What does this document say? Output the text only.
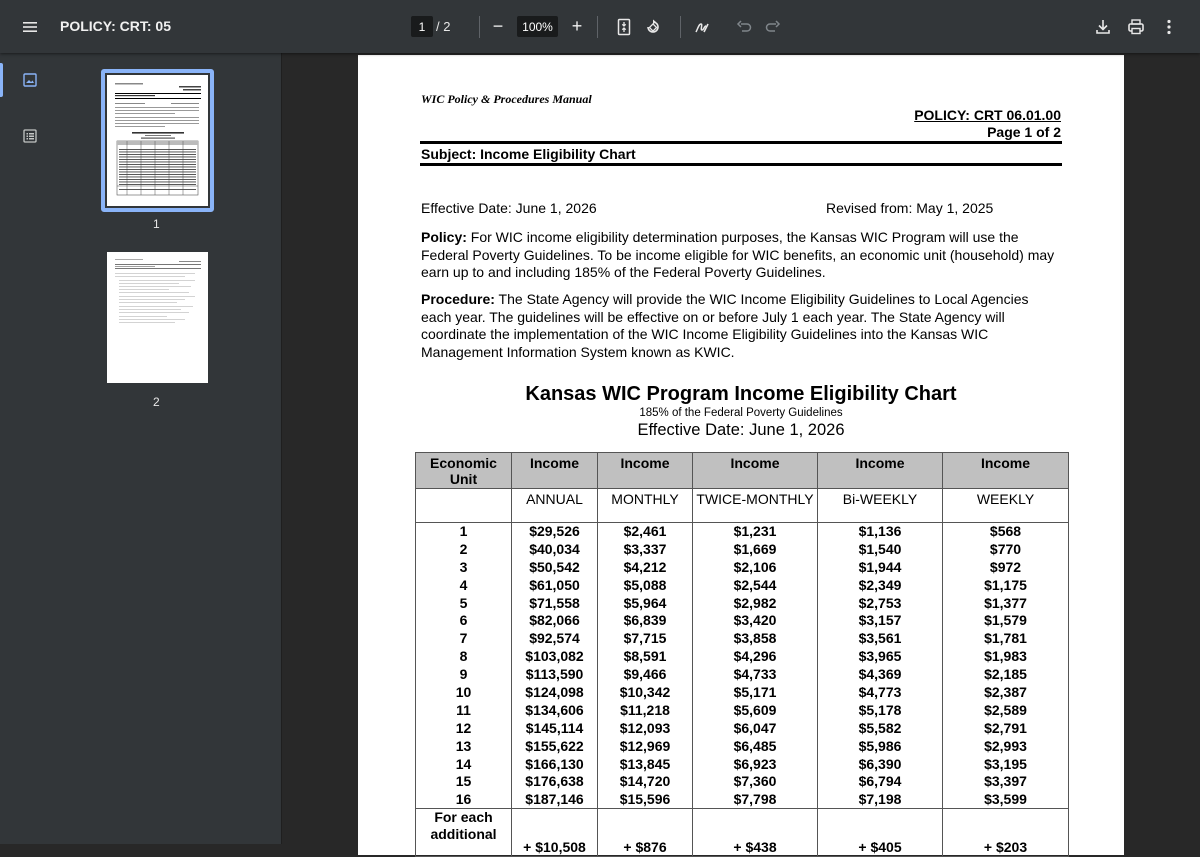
POLICY: CRT: 05	1 / 2 −	100% +
1
2
WIC Policy & Procedures Manual
POLICY: CRT 06.01.00
Page 1 of 2
Subject: Income Eligibility Chart
Effective Date: June 1, 2026	Revised from: May 1, 2025
Policy: For WIC income eligibility determination purposes, the Kansas WIC Program will use the Federal Poverty Guidelines. To be income eligible for WIC benefits, an economic unit (household) may earn up to and including 185% of the Federal Poverty Guidelines.
Procedure: The State Agency will provide the WIC Income Eligibility Guidelines to Local Agencies each year. The guidelines will be effective on or before July 1 each year. The State Agency will coordinate the implementation of the WIC Income Eligibility Guidelines into the Kansas WIC Management Information System known as KWIC.
Kansas WIC Program Income Eligibility Chart
185% of the Federal Poverty Guidelines
Effective Date: June 1, 2026
Economic Unit	Income	Income	Income	Income	Income
	ANNUAL	MONTHLY	TWICE-MONTHLY	Bi-WEEKLY	WEEKLY
1	$29,526	$2,461	$1,231	$1,136	$568
2	$40,034	$3,337	$1,669	$1,540	$770
3	$50,542	$4,212	$2,106	$1,944	$972
4	$61,050	$5,088	$2,544	$2,349	$1,175
5	$71,558	$5,964	$2,982	$2,753	$1,377
6	$82,066	$6,839	$3,420	$3,157	$1,579
7	$92,574	$7,715	$3,858	$3,561	$1,781
8	$103,082	$8,591	$4,296	$3,965	$1,983
9	$113,590	$9,466	$4,733	$4,369	$2,185
10	$124,098	$10,342	$5,171	$4,773	$2,387
11	$134,606	$11,218	$5,609	$5,178	$2,589
12	$145,114	$12,093	$6,047	$5,582	$2,791
13	$155,622	$12,969	$6,485	$5,986	$2,993
14	$166,130	$13,845	$6,923	$6,390	$3,195
15	$176,638	$14,720	$7,360	$6,794	$3,397
16	$187,146	$15,596	$7,798	$7,198	$3,599
For each additional	+ $10,508	+ $876	+ $438	+ $405	+ $203
